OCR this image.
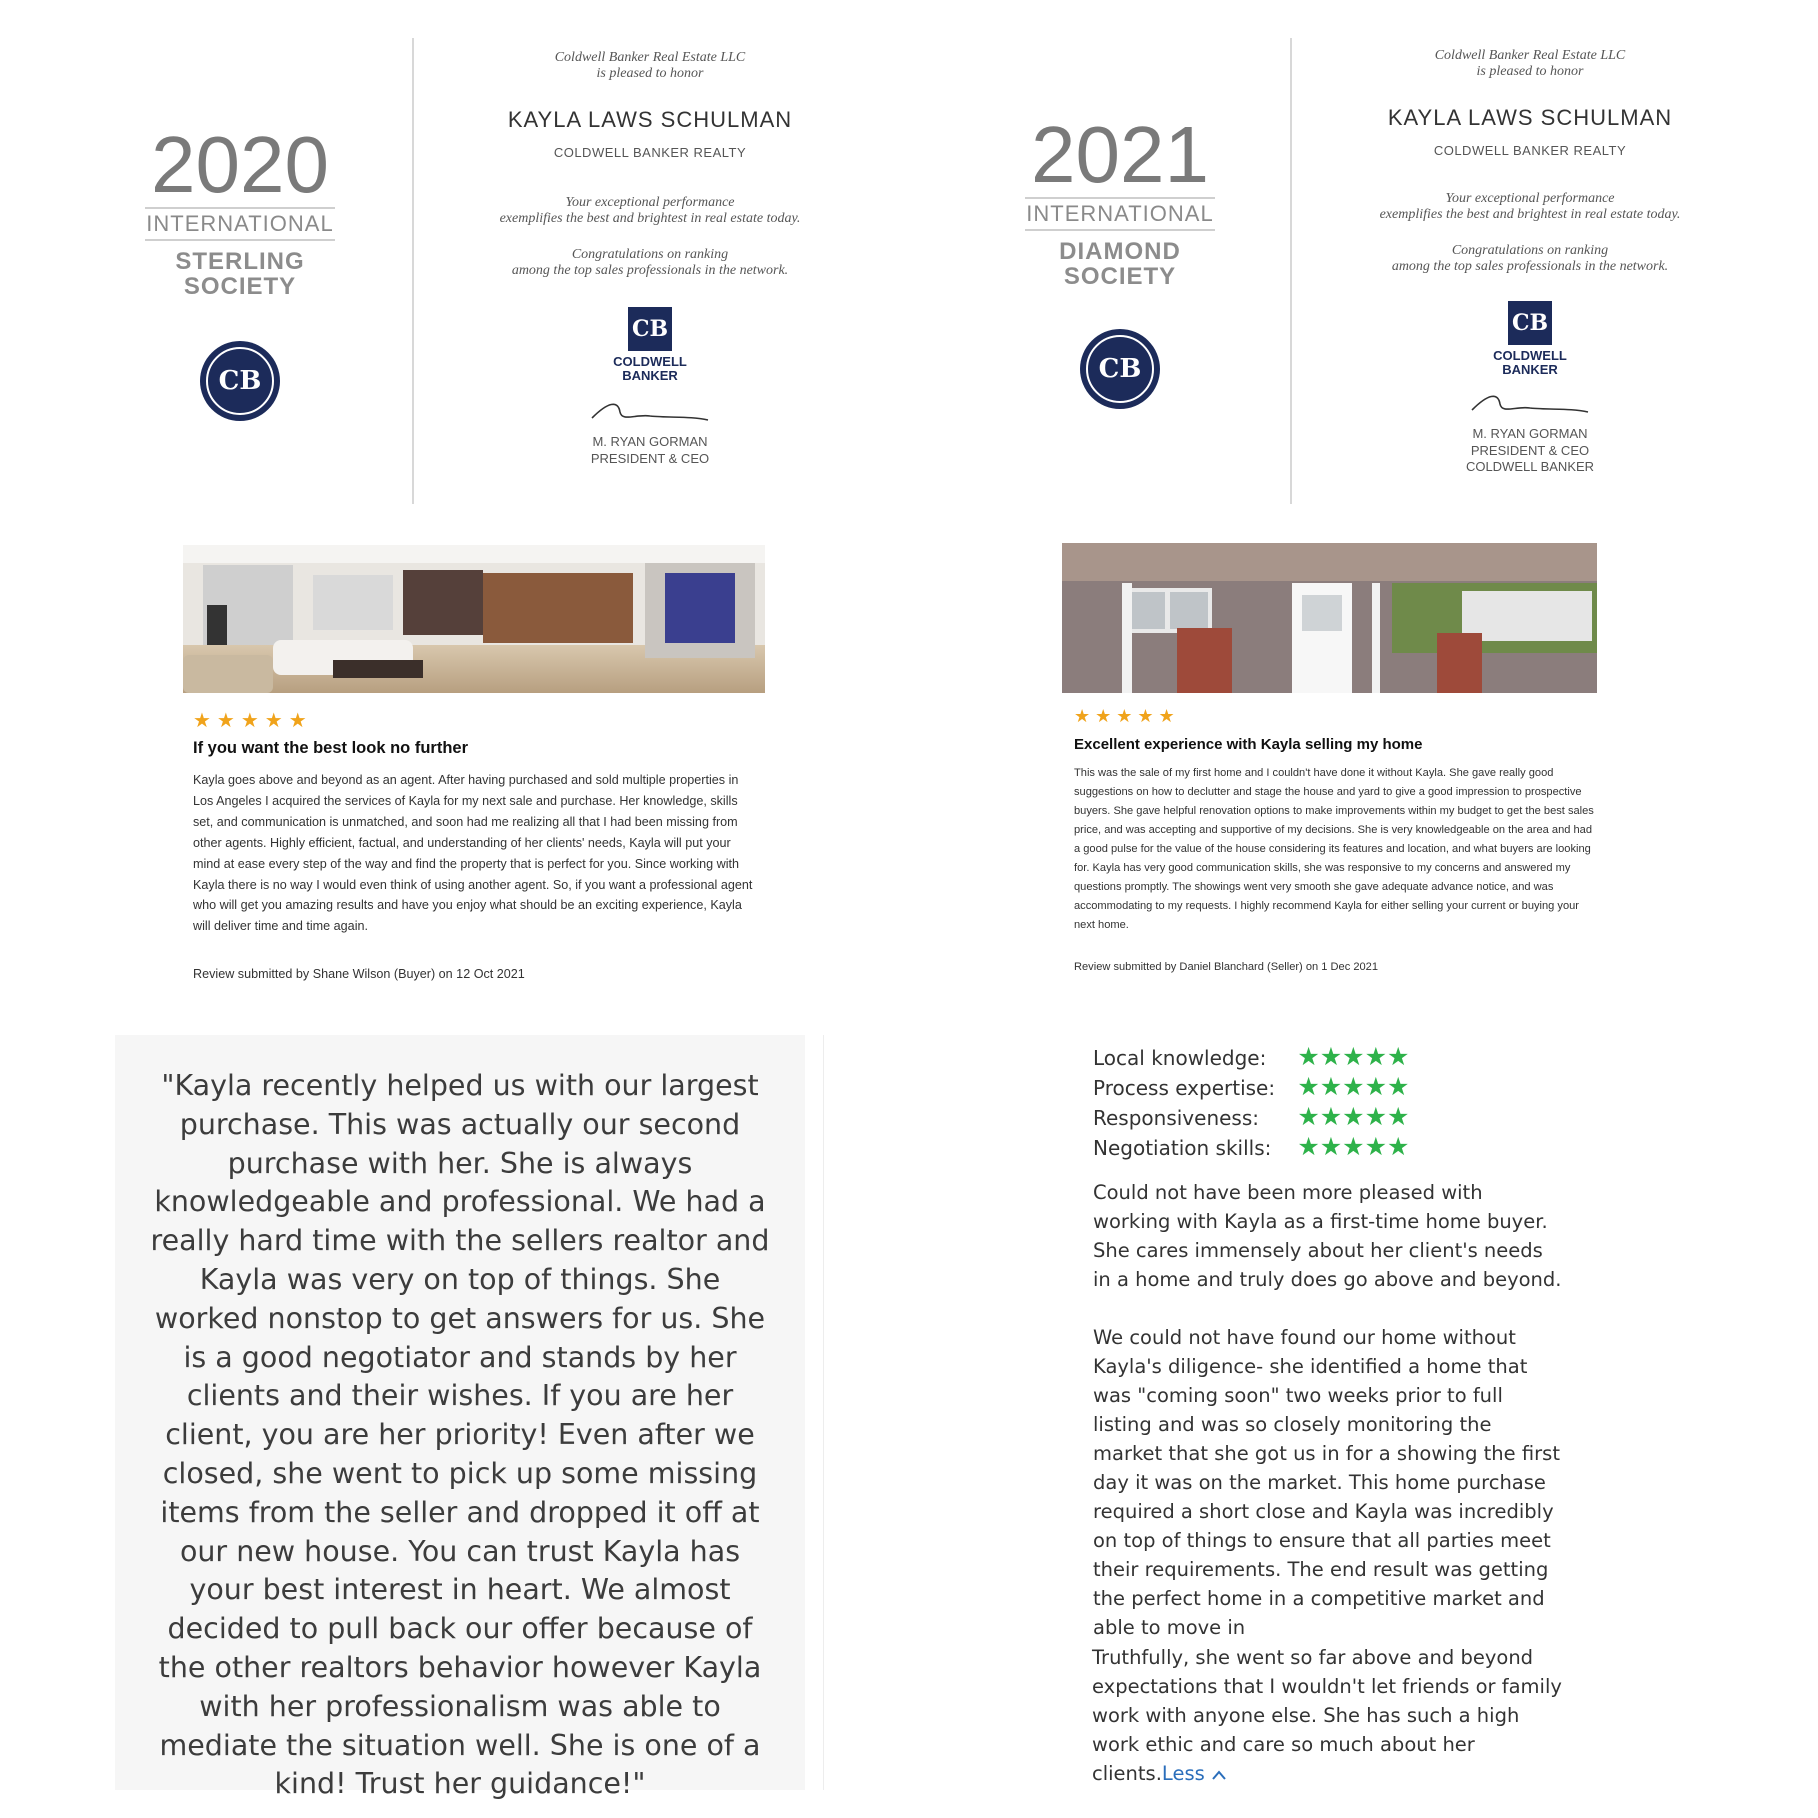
2020
INTERNATIONAL
STERLING
SOCIETY
CB
Coldwell Banker Real Estate LLC
is pleased to honor
KAYLA LAWS SCHULMAN
COLDWELL BANKER REALTY
Your exceptional performance
exemplifies the best and brightest in real estate today.
Congratulations on ranking
among the top sales professionals in the network.
CB
COLDWELL
BANKER
M. RYAN GORMAN
PRESIDENT & CEO
2021
INTERNATIONAL
DIAMOND
SOCIETY
CB
Coldwell Banker Real Estate LLC
is pleased to honor
KAYLA LAWS SCHULMAN
COLDWELL BANKER REALTY
Your exceptional performance
exemplifies the best and brightest in real estate today.
Congratulations on ranking
among the top sales professionals in the network.
CB
COLDWELL
BANKER
M. RYAN GORMAN
PRESIDENT & CEO
COLDWELL BANKER
★★★★★
If you want the best look no further
Kayla goes above and beyond as an agent. After having purchased and sold multiple properties in Los Angeles I acquired the services of Kayla for my next sale and purchase. Her knowledge, skills set, and communication is unmatched, and soon had me realizing all that I had been missing from other agents. Highly efficient, factual, and understanding of her clients' needs, Kayla will put your mind at ease every step of the way and find the property that is perfect for you. Since working with Kayla there is no way I would even think of using another agent. So, if you want a professional agent who will get you amazing results and have you enjoy what should be an exciting experience, Kayla will deliver time and time again.
Review submitted by Shane Wilson (Buyer) on 12 Oct 2021
★★★★★
Excellent experience with Kayla selling my home
This was the sale of my first home and I couldn't have done it without Kayla. She gave really good suggestions on how to declutter and stage the house and yard to give a good impression to prospective buyers. She gave helpful renovation options to make improvements within my budget to get the best sales price, and was accepting and supportive of my decisions. She is very knowledgeable on the area and had a good pulse for the value of the house considering its features and location, and what buyers are looking for. Kayla has very good communication skills, she was responsive to my concerns and answered my questions promptly. The showings went very smooth she gave adequate advance notice, and was accommodating to my requests. I highly recommend Kayla for either selling your current or buying your next home.
Review submitted by Daniel Blanchard (Seller) on 1 Dec 2021
"Kayla recently helped us with our largest purchase. This was actually our second purchase with her. She is always knowledgeable and professional. We had a really hard time with the sellers realtor and Kayla was very on top of things. She worked nonstop to get answers for us. She is a good negotiator and stands by her clients and their wishes. If you are her client, you are her priority! Even after we closed, she went to pick up some missing items from the seller and dropped it off at our new house. You can trust Kayla has your best interest in heart. We almost decided to pull back our offer because of the other realtors behavior however Kayla with her professionalism was able to mediate the situation well. She is one of a kind! Trust her guidance!"
Local knowledge: ★★★★★
Process expertise: ★★★★★
Responsiveness: ★★★★★
Negotiation skills: ★★★★★
Could not have been more pleased with working with Kayla as a first-time home buyer. She cares immensely about her client's needs in a home and truly does go above and beyond.
We could not have found our home without Kayla's diligence- she identified a home that was "coming soon" two weeks prior to full listing and was so closely monitoring the market that she got us in for a showing the first day it was on the market. This home purchase required a short close and Kayla was incredibly on top of things to ensure that all parties meet their requirements. The end result was getting the perfect home in a competitive market and able to move in
Truthfully, she went so far above and beyond expectations that I wouldn't let friends or family work with anyone else. She has such a high work ethic and care so much about her clients.Less
